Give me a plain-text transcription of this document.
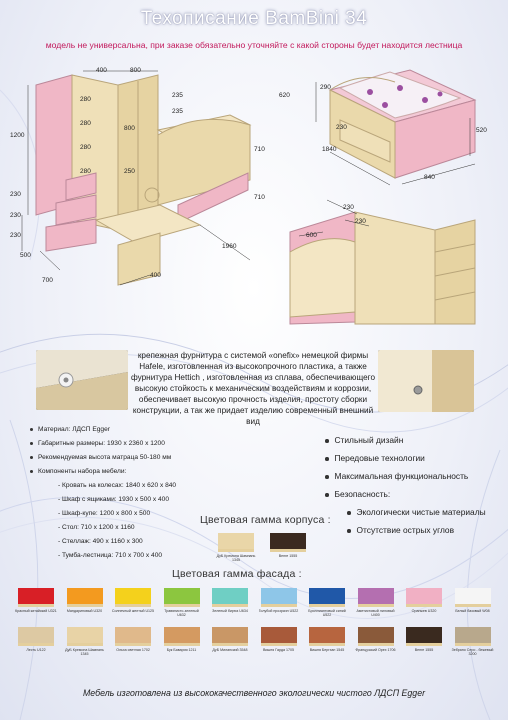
Техописание BamBini 34
модель не универсальна, при заказе обязательно уточняйте с какой стороны будет находится лестница
400	800
235
235
280
280
800
1200
280
280	250
710
230
230
230
710
500
700
1960
400
620
290
230
1840
840
520
230
230
600
крепежная фурнитура с системой «onefix» немецкой фирмы Hafele, изготовленная из высокопрочного пластика, а также фурнитура Hettich , изготовленная из сплава, обеспечивающего высокую стойкость к механическим воздействиям и коррозии, обеспечивает высокую прочность изделия, простоту сборки конструкции, а так же придает изделию современный внешний вид
Материал: ЛДСП Egger
Габаритные размеры: 1930 х 2360 х 1200
Рекомендуемая высота матраца 50-180 мм
Компоненты набора мебели:
- Кровать на колесах: 1840 х 620 х 840
- Шкаф с ящиками: 1930 х 500 х 400
- Шкаф-купе: 1200 х 800 х 500
- Стол: 710 х 1200 х 1160
- Стеллаж: 490 х 1160 х 300
- Тумба-лестница: 710 х 700 х 400
Стильный дизайн
Передовые технологии
Максимальная функциональность
Безопасность:
Экологически чистые материалы
Отсутствие острых углов
Цветовая гамма корпуса :
ДуБ Кремона Шампань 1345
Венге 1555
Цветовая гамма фасада :
Красный китайский U321	Мандариновый U320	Солнечный желтый U125	Травянисто-зеленый U632
Зеленый бирюз U634	Голубой прозрачн U522	Бриллиантовый синий U522
Аметистовый лиловый U400
Оранжев U320	Белый базовый W08
Лесть U122	ДуБ Кремона Шампань 1345
Ольха светлая 1702	Бук Бавария 1211	ДуБ Миланский 3548	Вишня Гарда 1705	Вишня Бергхан 1545	Французский Орех 1706	Венге 1555	Зебрано Серо - бежевый 3200
Мебель изготовлена из высококачественного экологически чистого ЛДСП Egger
